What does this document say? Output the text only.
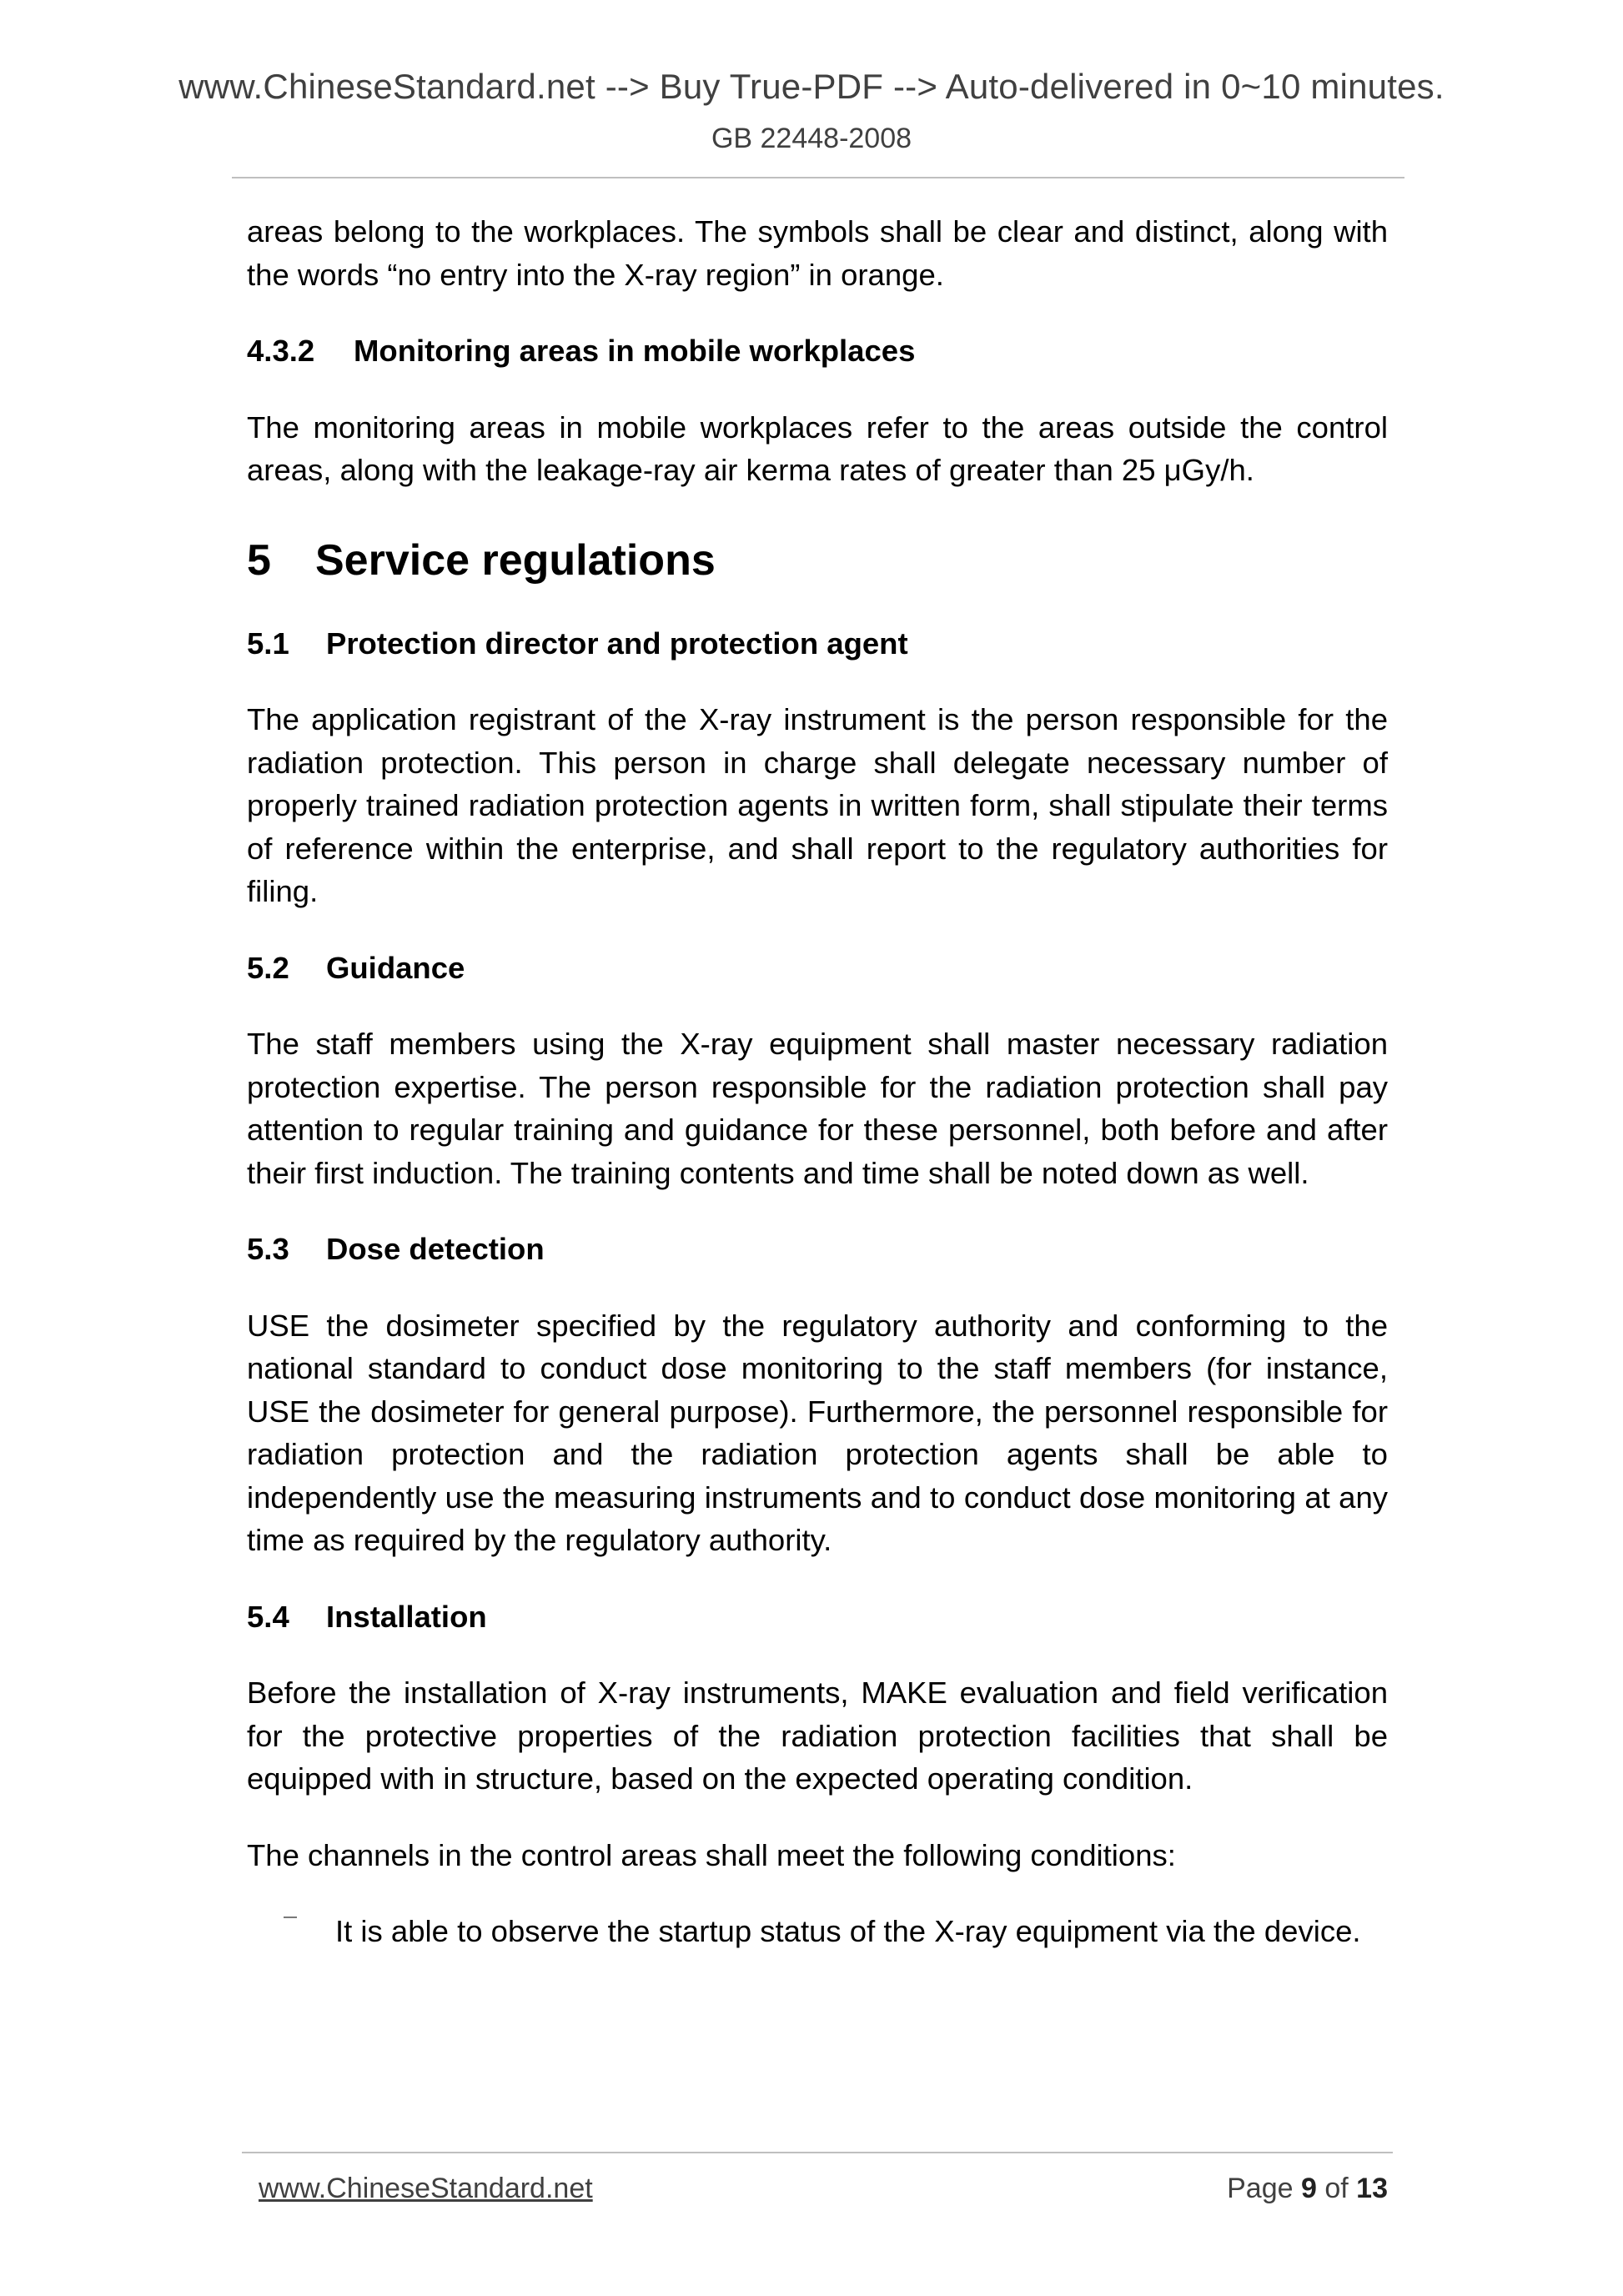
www.ChineseStandard.net --> Buy True-PDF --> Auto-delivered in 0~10 minutes.
GB 22448-2008

areas belong to the workplaces. The symbols shall be clear and distinct, along with the words “no entry into the X-ray region” in orange.

4.3.2 Monitoring areas in mobile workplaces

The monitoring areas in mobile workplaces refer to the areas outside the control areas, along with the leakage-ray air kerma rates of greater than 25 μGy/h.

5 Service regulations
5.1 Protection director and protection agent

The application registrant of the X-ray instrument is the person responsible for the radiation protection. This person in charge shall delegate necessary number of properly trained radiation protection agents in written form, shall stipulate their terms of reference within the enterprise, and shall report to the regulatory authorities for filing.

5.2 Guidance

The staff members using the X-ray equipment shall master necessary radiation protection expertise. The person responsible for the radiation protection shall pay attention to regular training and guidance for these personnel, both before and after their first induction. The training contents and time shall be noted down as well.

5.3 Dose detection

USE the dosimeter specified by the regulatory authority and conforming to the national standard to conduct dose monitoring to the staff members (for instance, USE the dosimeter for general purpose). Furthermore, the personnel responsible for radiation protection and the radiation protection agents shall be able to independently use the measuring instruments and to conduct dose monitoring at any time as required by the regulatory authority.

5.4 Installation

Before the installation of X-ray instruments, MAKE evaluation and field verification for the protective properties of the radiation protection facilities that shall be equipped with in structure, based on the expected operating condition.

The channels in the control areas shall meet the following conditions:

— It is able to observe the startup status of the X-ray equipment via the device.

www.ChineseStandard.net	Page 9 of 13
